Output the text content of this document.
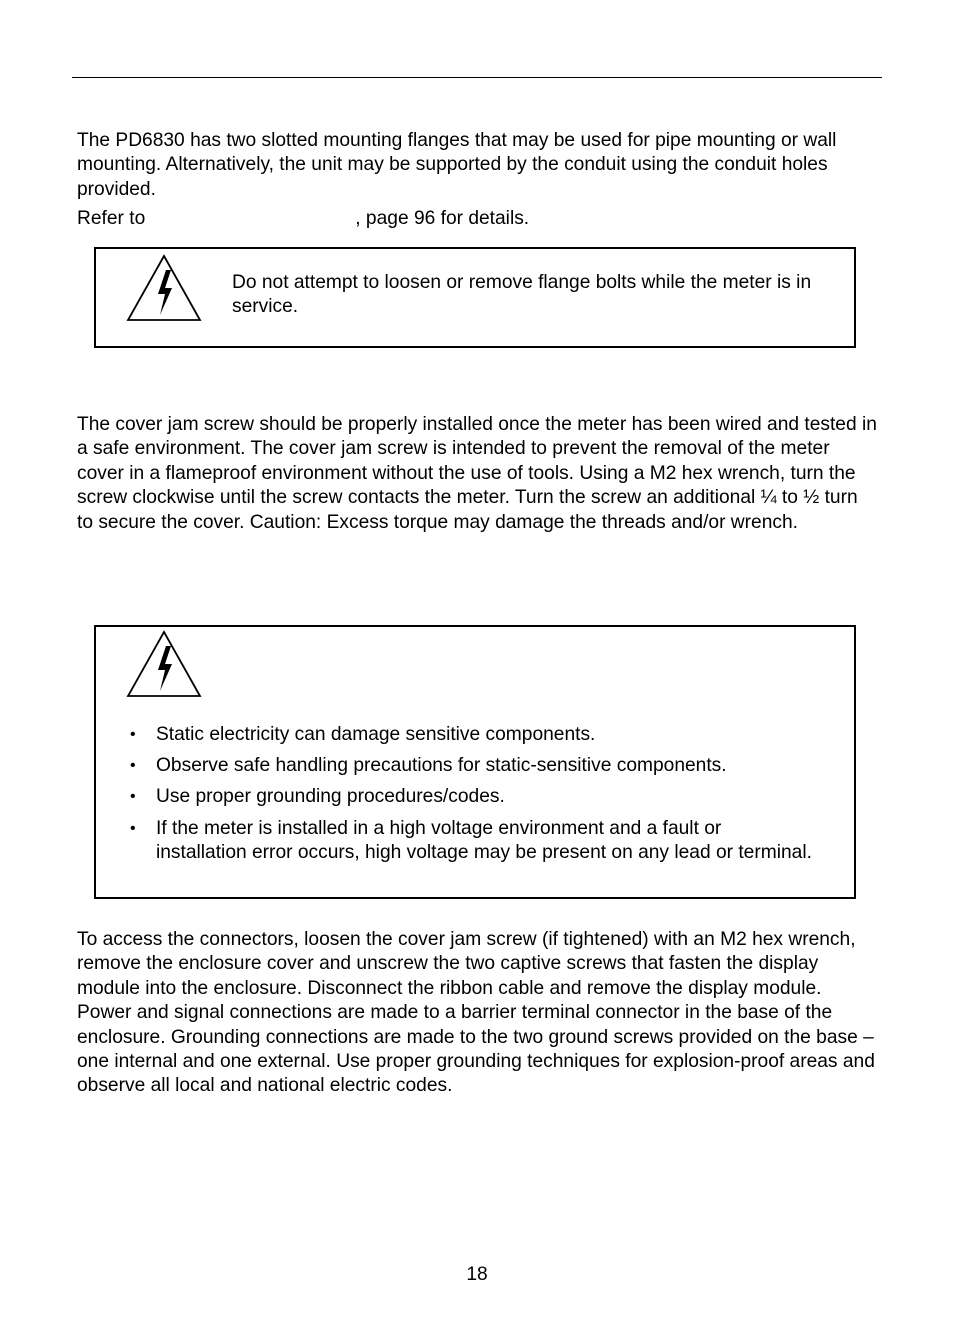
The PD6830 has two slotted mounting flanges that may be used for pipe mounting or wall mounting. Alternatively, the unit may be supported by the conduit using the conduit holes provided.

Refer to	, page 96 for details.

Do not attempt to loosen or remove flange bolts while the meter is in service.

The cover jam screw should be properly installed once the meter has been wired and tested in a safe environment. The cover jam screw is intended to prevent the removal of the meter cover in a flameproof environment without the use of tools. Using a M2 hex wrench, turn the screw clockwise until the screw contacts the meter. Turn the screw an additional ¼ to ½ turn to secure the cover. Caution: Excess torque may damage the threads and/or wrench.

• Static electricity can damage sensitive components.
• Observe safe handling precautions for static-sensitive components.
• Use proper grounding procedures/codes.
• If the meter is installed in a high voltage environment and a fault or installation error occurs, high voltage may be present on any lead or terminal.

To access the connectors, loosen the cover jam screw (if tightened) with an M2 hex wrench, remove the enclosure cover and unscrew the two captive screws that fasten the display module into the enclosure. Disconnect the ribbon cable and remove the display module. Power and signal connections are made to a barrier terminal connector in the base of the enclosure. Grounding connections are made to the two ground screws provided on the base – one internal and one external. Use proper grounding techniques for explosion-proof areas and observe all local and national electric codes.

18
